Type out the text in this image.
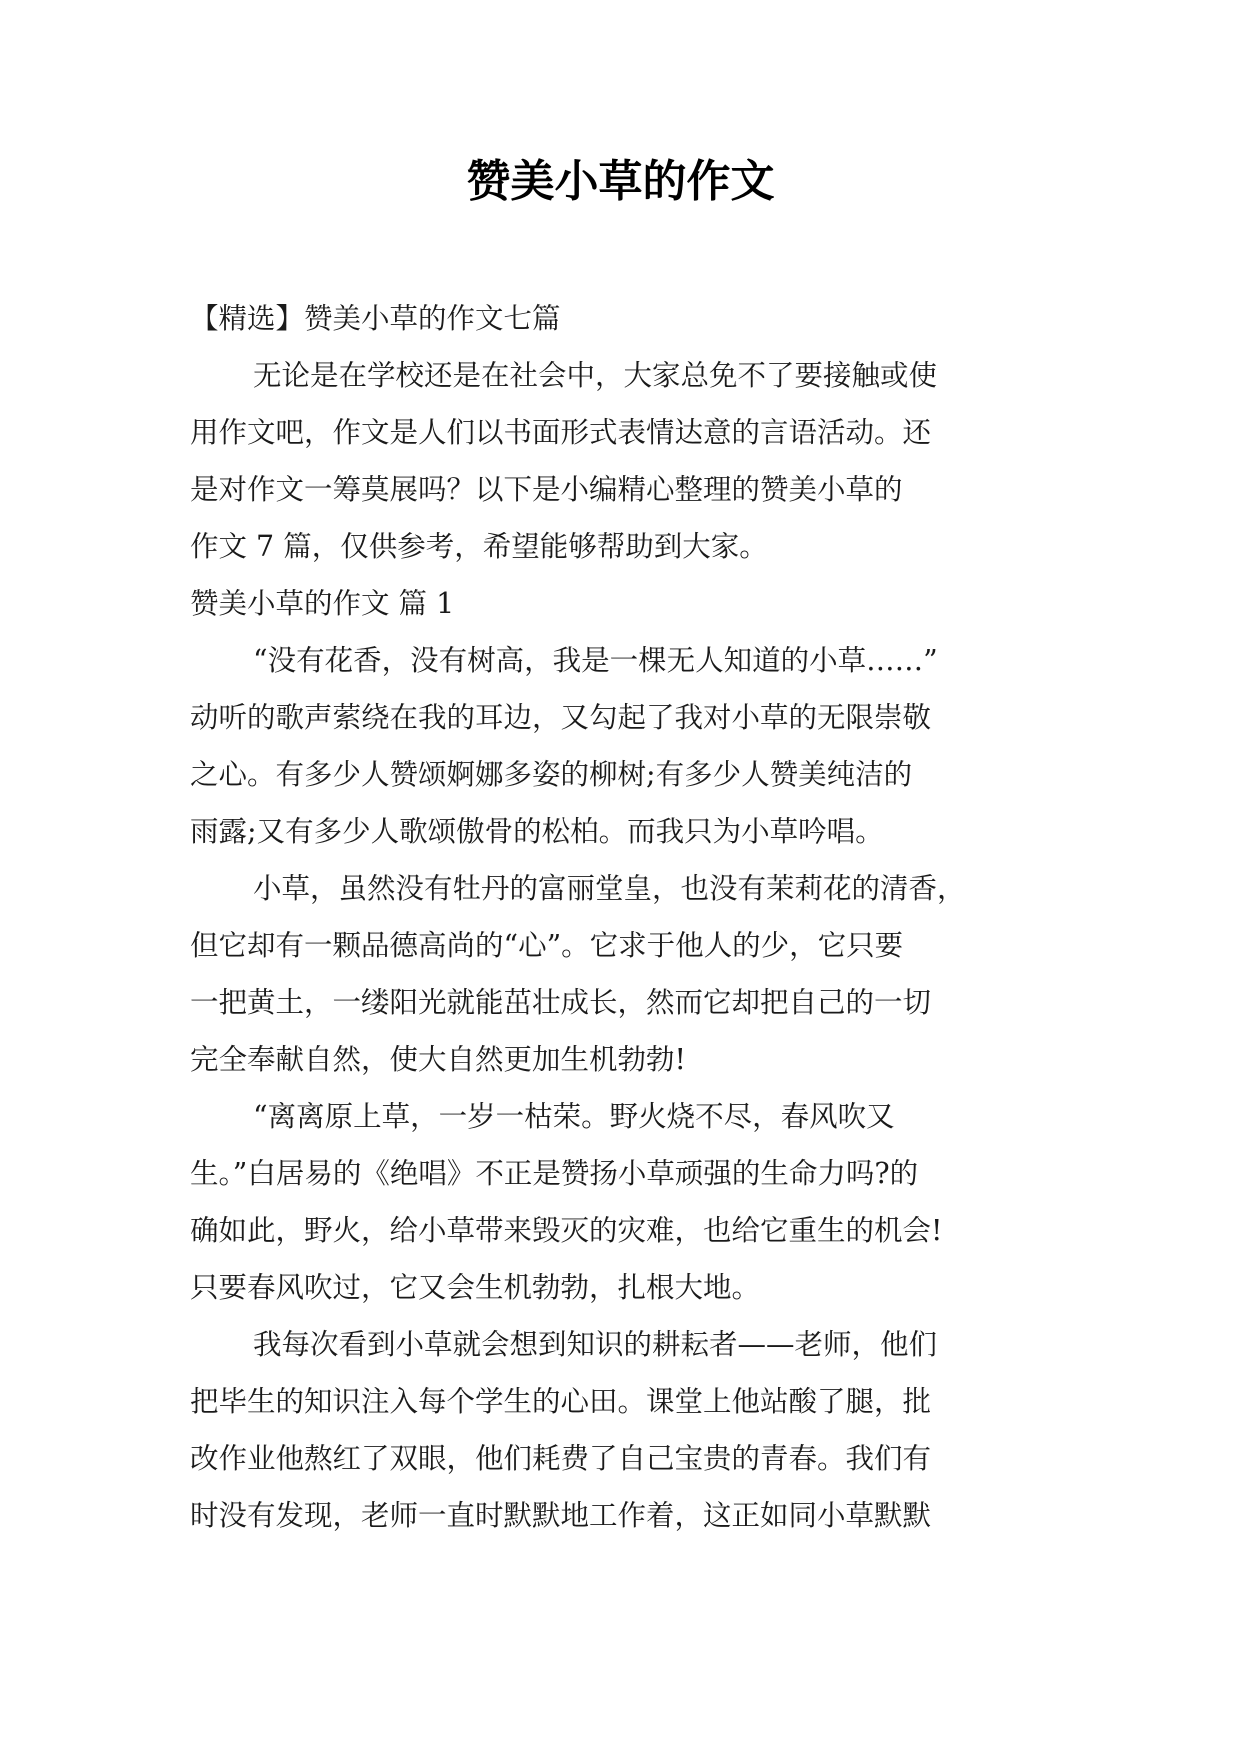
赞美小草的作文
【精选】赞美小草的作文七篇
无论是在学校还是在社会中，大家总免不了要接触或使
用作文吧，作文是人们以书面形式表情达意的言语活动。还
是对作文一筹莫展吗？以下是小编精心整理的赞美小草的
作文 7 篇，仅供参考，希望能够帮助到大家。
赞美小草的作文 篇 1
“没有花香，没有树高，我是一棵无人知道的小草……”
动听的歌声萦绕在我的耳边，又勾起了我对小草的无限崇敬
之心。有多少人赞颂婀娜多姿的柳树;有多少人赞美纯洁的
雨露;又有多少人歌颂傲骨的松柏。而我只为小草吟唱。
小草，虽然没有牡丹的富丽堂皇，也没有茉莉花的清香，
但它却有一颗品德高尚的“心”。它求于他人的少，它只要
一把黄土，一缕阳光就能茁壮成长，然而它却把自己的一切
完全奉献自然，使大自然更加生机勃勃!
“离离原上草，一岁一枯荣。野火烧不尽，春风吹又
生。”白居易的《绝唱》不正是赞扬小草顽强的生命力吗?的
确如此，野火，给小草带来毁灭的灾难，也给它重生的机会!
只要春风吹过，它又会生机勃勃，扎根大地。
我每次看到小草就会想到知识的耕耘者——老师，他们
把毕生的知识注入每个学生的心田。课堂上他站酸了腿，批
改作业他熬红了双眼，他们耗费了自己宝贵的青春。我们有
时没有发现，老师一直时默默地工作着，这正如同小草默默
